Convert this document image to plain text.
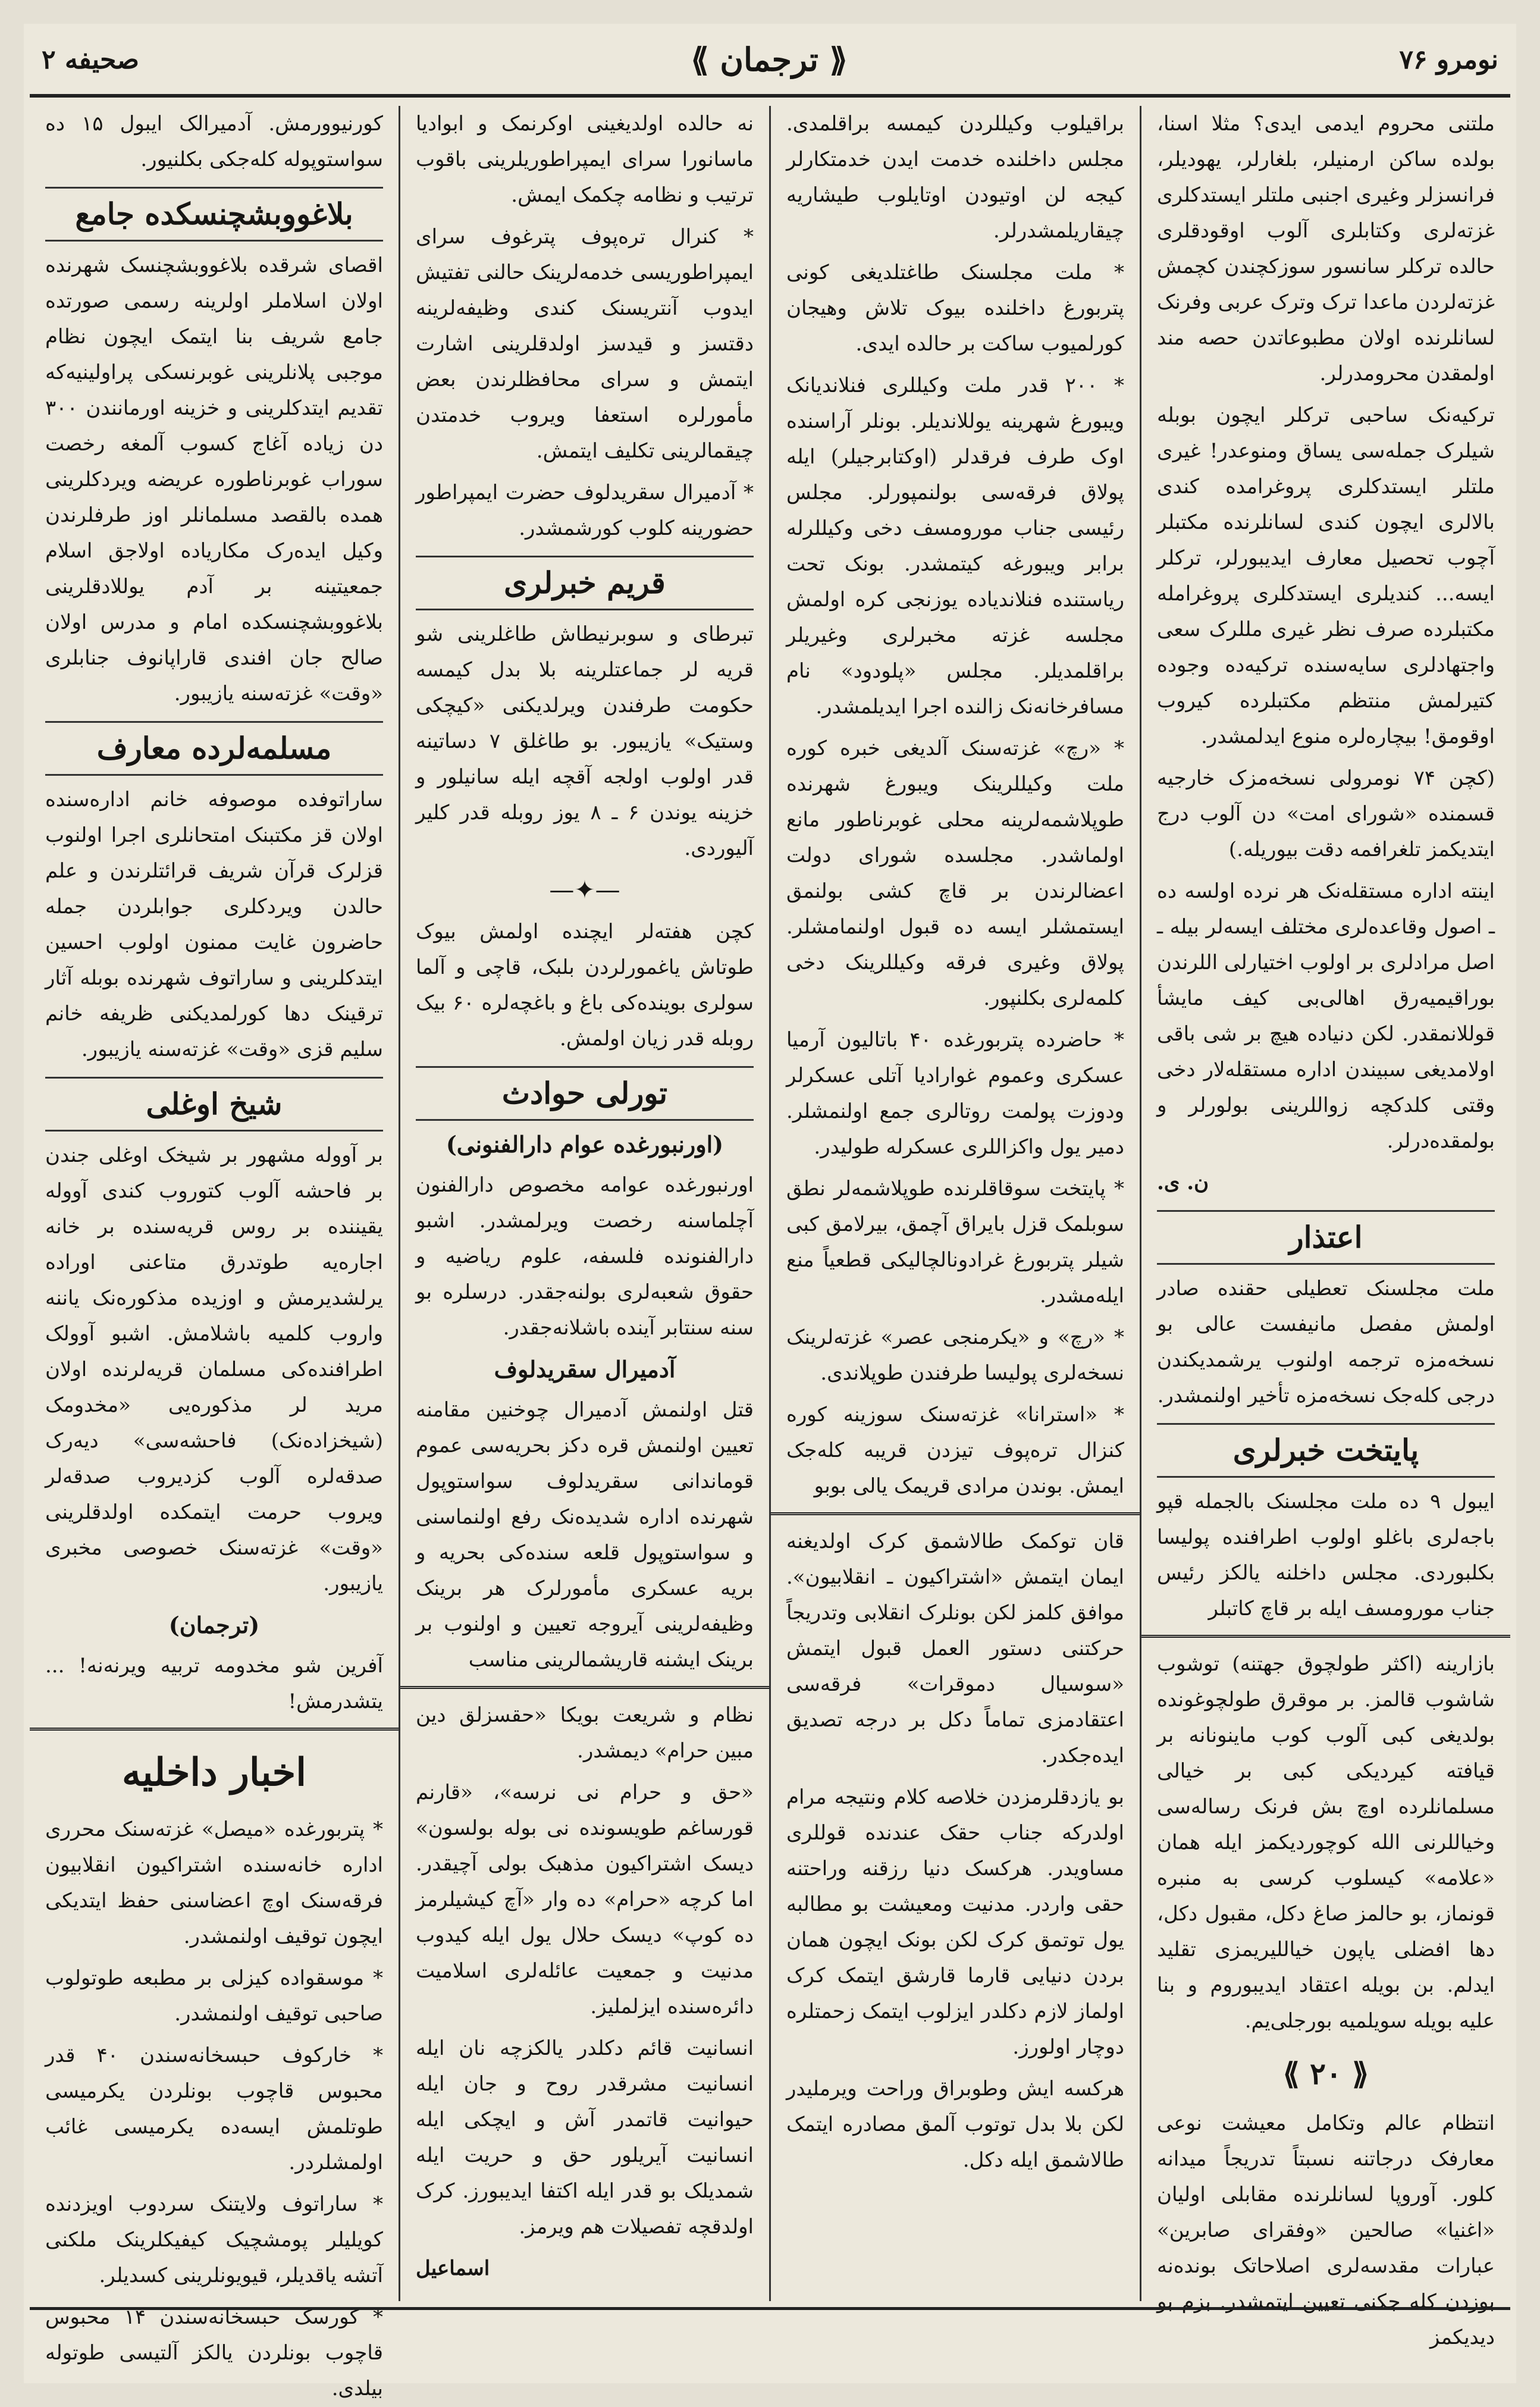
نومرو ۷۶
⟪ ترجمان ⟫
صحیفه ۲

ملتنی محروم ایدمی ایدی؟ مثلا اسنا، بولده ساکن ارمنیلر، بلغارلر، یهودیلر، فرانسزلر وغیری اجنبی ملتلر ایستدکلری غزته‌لری وکتابلری آلوب اوقودقلری حالده ترکلر سانسور سوزکچندن کچمش غزته‌لردن ماعدا ترک وترک عربی وفرنک لسانلرنده اولان مطبوعاتدن حصه مند اولمقدن محرومدرلر.

ترکیه‌نک ساحبی ترکلر ایچون بوبله شیلرک جمله‌سی یساق ومنوعدر! غیری ملتلر ایستدکلری پروغرامده کندی بالالری ایچون کندی لسانلرنده مکتبلر آچوب تحصیل معارف ایدیبورلر، ترکلر ایسه... کندیلری ایستدکلری پروغرامله مکتبلرده صرف نظر غیری مللرک سعی واجتهادلری سایه‌سنده ترکیه‌ده وجوده کتیرلمش منتظم مکتبلرده کیروب اوقومق! بیچاره‌لره منوع ایدلمشدر.

(کچن ۷۴ نومرولی نسخه‌مزک خارجیه قسمنده «شورای امت» دن آلوب درج ایتدیکمز تلغرافمه دقت بیوریله.)

اینته اداره مستقله‌نک هر نرده اولسه ده ـ اصول وقاعده‌لری مختلف ایسه‌لر بیله ـ اصل مرادلری بر اولوب اختیارلی اللرندن بوراقیمیه‌رق اهالی‌بی کیف مایشأ قوللانمقدر. لکن دنیاده هیچ بر شی باقی اولامدیغی سبیندن اداره مستقله‌لار دخی وقتی کلدکچه زواللرینی بولورلر و بولمقده‌درلر.

ن. ی.
اعتذار

ملت مجلسنک تعطیلی حقنده صادر اولمش مفصل مانیفست عالی بو نسخه‌مزه ترجمه اولنوب یرشمدیکندن درجی کله‌جک نسخه‌مزه تأخیر اولنمشدر.

پایتخت خبرلری

ایبول ۹ ده ملت مجلسنک بالجمله قپو باجه‌لری باغلو اولوب اطرافنده پولیسا بکلبوردی. مجلس داخلنه یالکز رئیس جناب مورومسف ایله بر قاچ کاتبلر

بازارینه (اکثر طولچوق جهتنه) توشوب شاشوب قالمز. بر موقرق طولچوغونده بولدیغی کبی آلوب کوب ماینونانه بر قیافته کیردیکی کبی بر خیالی مسلمانلرده اوچ بش فرنک رساله‌سی وخیاللرنی الله کوچوردیکمز ایله همان «علامه» کیسلوب کرسی به منبره قونماز، بو حالمز صاغ دکل، مقبول دکل، دها افضلی یاپون خیاللیریمزی تقلید ایدلم. بن بویله اعتقاد ایدیبوروم و بنا علیه بویله سویلمیه بورجلی‌یم.

⟪ ۲۰ ⟫

انتظام عالم وتکامل معیشت نوعی معارفک درجاتنه نسبتاً تدریجاً میدانه کلور. آوروپا لسانلرنده مقابلی اولیان «اغنیا» صالحین «وفقرای صابرین» عبارات مقدسه‌لری اصلاحاتک بونده‌نه بوزدن کله جکنی تعیین ایتمشدر. بزم بو دیدیکمز

براقیلوب وکیللردن کیمسه براقلمدی. مجلس داخلنده خدمت ایدن خدمتکارلر کیجه لن اوتیودن اوتایلوب طیشاریه چیقاریلمشدرلر.

* ملت مجلسنک طاغتلدیغی کونی پتربورغ داخلنده بیوک تلاش وهیجان کورلمیوب ساکت بر حالده ایدی.

* ۲۰۰ قدر ملت وکیللری فنلاندیانک ویبورغ شهرینه یوللاندیلر. بونلر آراسنده اوک طرف فرقدلر (اوکتابرجیلر) ایله پولاق فرقه‌سی بولنمپورلر. مجلس رئیسی جناب مورومسف دخی وکیللرله برابر ویبورغه کیتمشدر. بونک تحت ریاستنده فنلاندیاده یوزنجی کره اولمش مجلسه غزته مخبرلری وغیریلر براقلمدیلر. مجلس «پلودود» نام مسافرخانه‌نک زالنده اجرا ایدیلمشدر.

* «رچ» غزته‌سنک آلدیغی خبره کوره ملت وکیللرینک ویبورغ شهرنده طوپلاشمه‌لرینه محلی غوبرناطور مانع اولماشدر. مجلسده شورای دولت اعضالرندن بر قاچ کشی بولنمق ایستمشلر ایسه ده قبول اولنمامشلر. پولاق وغیری فرقه وکیللرینک دخی کلمه‌لری بکلنپور.

* حاضرده پتربورغده ۴۰ باتالیون آرمیا عسکری وعموم غوارادیا آتلی عسکرلر ودوزت پولمت روتالری جمع اولنمشلر. دمیر یول واکزاللری عسکرله طولیدر.

* پایتخت سوقاقلرنده طوپلاشمه‌لر نطق سوبلمک قزل بایراق آچمق، بیرلامق کبی شیلر پتربورغ غرادونالچالیکی قطعیاً منع ایله‌مشدر.

* «رچ» و «یکرمنجی عصر» غزته‌لرینک نسخه‌لری پولیسا طرفندن طوپلاندی.

* «استرانا» غزته‌سنک سوزینه کوره کنزال تره‌پوف تیزدن قریبه کله‌جک ایمش. بوندن مرادی قریمک یالی بوبو

قان توکمک طالاشمق کرک اولدیغنه ایمان ایتمش «اشتراکیون ـ انقلابیون». موافق کلمز لکن بونلرک انقلابی وتدریجاً حرکتنی دستور العمل قبول ایتمش «سوسیال دموقرات» فرقه‌سی اعتقادمزی تماماً دکل بر درجه تصدیق ایده‌جکدر.

بو یازدقلرمزدن خلاصه کلام ونتیجه مرام اولدرکه جناب حقک عندنده قوللری مساویدر. هرکسک دنیا رزقنه وراحتنه حقی واردر. مدنیت ومعیشت بو مطالبه یول توتمق کرک لکن بونک ایچون همان بردن دنیایی قارما قارشق ایتمک کرک اولماز لازم دکلدر ایزلوب ایتمک زحمتلره دوچار اولورز.

هرکسه ایش وطوبراق وراحت ویرملیدر لکن بلا بدل توتوب آلمق مصادره ایتمک طالاشمق ایله دکل.

نه حالده اولدیغینی اوکرنمک و ابوادیا ماسانورا سرای ایمپراطوریلرینی باقوب ترتیب و نظامه چکمک ایمش.

* کنرال تره‌پوف پترغوف سرای ایمپراطوریسی خدمه‌لرینک حالنی تفتیش ایدوب آنتریسنک کندی وظیفه‌لرینه دقتسز و قیدسز اولدقلرینی اشارت ایتمش و سرای محافظلرندن بعض مأمورلره استعفا ویروب خدمتدن چیقمالرینی تکلیف ایتمش.

* آدمیرال سقریدلوف حضرت ایمپراطور حضورینه کلوب کورشمشدر.

قریم خبرلری

تبرطای و سوبرنیطاش طاغلرینی شو قریه لر جماعتلرینه بلا بدل کیمسه حکومت طرفندن ویرلدیکنی «کیچکی وستیک» یازیبور. بو طاغلق ۷ دساتینه قدر اولوب اولجه آقچه ایله سانیلور و خزینه یوندن ۶ ـ ۸ یوز روبله قدر کلیر آلیوردی.

—✦—

کچن هفته‌لر ایچنده اولمش بیوک طوتاش یاغمورلردن بلبک، قاچی و آلما سولری بوینده‌کی باغ و باغچه‌لره ۶۰ بیک روبله قدر زیان اولمش.

تورلی حوادث
(اورنبورغده عوام دارالفنونی)

اورنبورغده عوامه مخصوص دارالفنون آچلماسنه رخصت ویرلمشدر. اشبو دارالفنونده فلسفه، علوم ریاضیه و حقوق شعبه‌لری بولنه‌جقدر. درسلره بو سنه سنتابر آینده باشلانه‌جقدر.

آدمیرال سقریدلوف

قتل اولنمش آدمیرال چوخنین مقامنه تعیین اولنمش قره دکز بحریه‌سی عموم قوماندانی سقریدلوف سواستوپول شهرنده اداره شدیده‌نک رفع اولنماسنی و سواستوپول قلعه سنده‌کی بحریه و بریه عسکری مأمورلرک هر برینک وظیفه‌لرینی آیروجه تعیین و اولنوب بر برینک ایشنه قاریشمالرینی مناسب

نظام و شریعت بویکا «حقسزلق دین مبین حرام» دیمشدر.

«حق و حرام نی نرسه»، «قارنم قورساغم طویسونده نی بوله بولسون» دیسک اشتراکیون مذهبک بولی آچیقدر. اما کرچه «حرام» ده وار «آچ کیشیلرمز ده کوپ» دیسک حلال یول ایله کیدوب مدنیت و جمعیت عائله‌لری اسلامیت دائره‌سنده ایزلملیز.

انسانیت قائم دکلدر یالکزچه نان ایله انسانیت مشرقدر روح و جان ایله حیوانیت قاتمدر آش و ایچکی ایله انسانیت آیریلور حق و حریت ایله شمدیلک بو قدر ایله اکتفا ایدیبورز. کرک اولدقچه تفصیلات هم ویرمز.

اسماعیل

کورنیوورمش. آدمیرالک ایبول ۱۵ ده سواستوپوله کله‌جکی بکلنیور.

بلاغووبشچنسکده جامع

اقصای شرقده بلاغووبشچنسک شهرنده اولان اسلاملر اولرینه رسمی صورتده جامع شریف بنا ایتمک ایچون نظام موجبی پلانلرینی غوبرنسکی پراولینیه‌که تقدیم ایتدکلرینی و خزینه اورمانندن ۳۰۰ دن زیاده آغاج کسوب آلمغه رخصت سوراب غوبرناطوره عریضه ویردکلرینی همده بالقصد مسلمانلر اوز طرفلرندن وکیل ایده‌رک مکاریاده اولاجق اسلام جمعیتینه بر آدم یوللادقلرینی بلاغووبشچنسکده امام و مدرس اولان صالح جان افندی قاراپانوف جنابلری «وقت» غزته‌سنه یازیبور.

مسلمه‌لرده معارف

ساراتوفده موصوفه خانم اداره‌سنده اولان قز مکتبنک امتحانلری اجرا اولنوب قزلرک قرآن شریف قرائتلرندن و علم حالدن ویردکلری جوابلردن جمله حاضرون غایت ممنون اولوب احسین ایتدکلرینی و ساراتوف شهرنده بوبله آثار ترقینک دها کورلمدیکنی ظریفه خانم سلیم قزی «وقت» غزته‌سنه یازیبور.

شیخ اوغلی

بر آووله مشهور بر شیخک اوغلی جندن بر فاحشه آلوب کتوروب کندی آووله یقیننده بر روس قریه‌سنده بر خانه اجاره‌یه طوتدرق متاعنی اوراده یرلشدیرمش و اوزیده مذکوره‌نک یاننه واروب کلمیه باشلامش. اشبو آوولک اطرافنده‌کی مسلمان قریه‌لرنده اولان مرید لر مذکوره‌یی «مخدومک (شیخزاده‌نک) فاحشه‌سی» دیه‌رک صدقه‌لره آلوب کزدیروب صدقه‌لر ویروب حرمت ایتمکده اولدقلرینی «وقت» غزته‌سنک خصوصی مخبری یازیبور.

(ترجمان)

آفرین شو مخدومه تربیه ویرنه‌نه! ... یتشدرمش!

اخبار داخلیه

* پتربورغده «میصل» غزته‌سنک محرری اداره خانه‌سنده اشتراکیون انقلابیون فرقه‌سنک اوچ اعضاسنی حفظ ایتدیکی ایچون توقیف اولنمشدر.

* موسقواده کیزلی بر مطبعه طوتولوب صاحبی توقیف اولنمشدر.

* خارکوف حبسخانه‌سندن ۴۰ قدر محبوس قاچوب بونلردن یکرمیسی طوتلمش ایسه‌ده یکرمیسی غائب اولمشلردر.

* ساراتوف ولایتنک سردوب اویزدنده کویلیلر پومشچیک کیفیکلرینک ملکنی آتشه یاقدیلر، قیویونلرینی کسدیلر.

* کورسک حبسخانه‌سندن ۱۴ محبوس قاچوب بونلردن یالکز آلتیسی طوتوله بیلدی.
